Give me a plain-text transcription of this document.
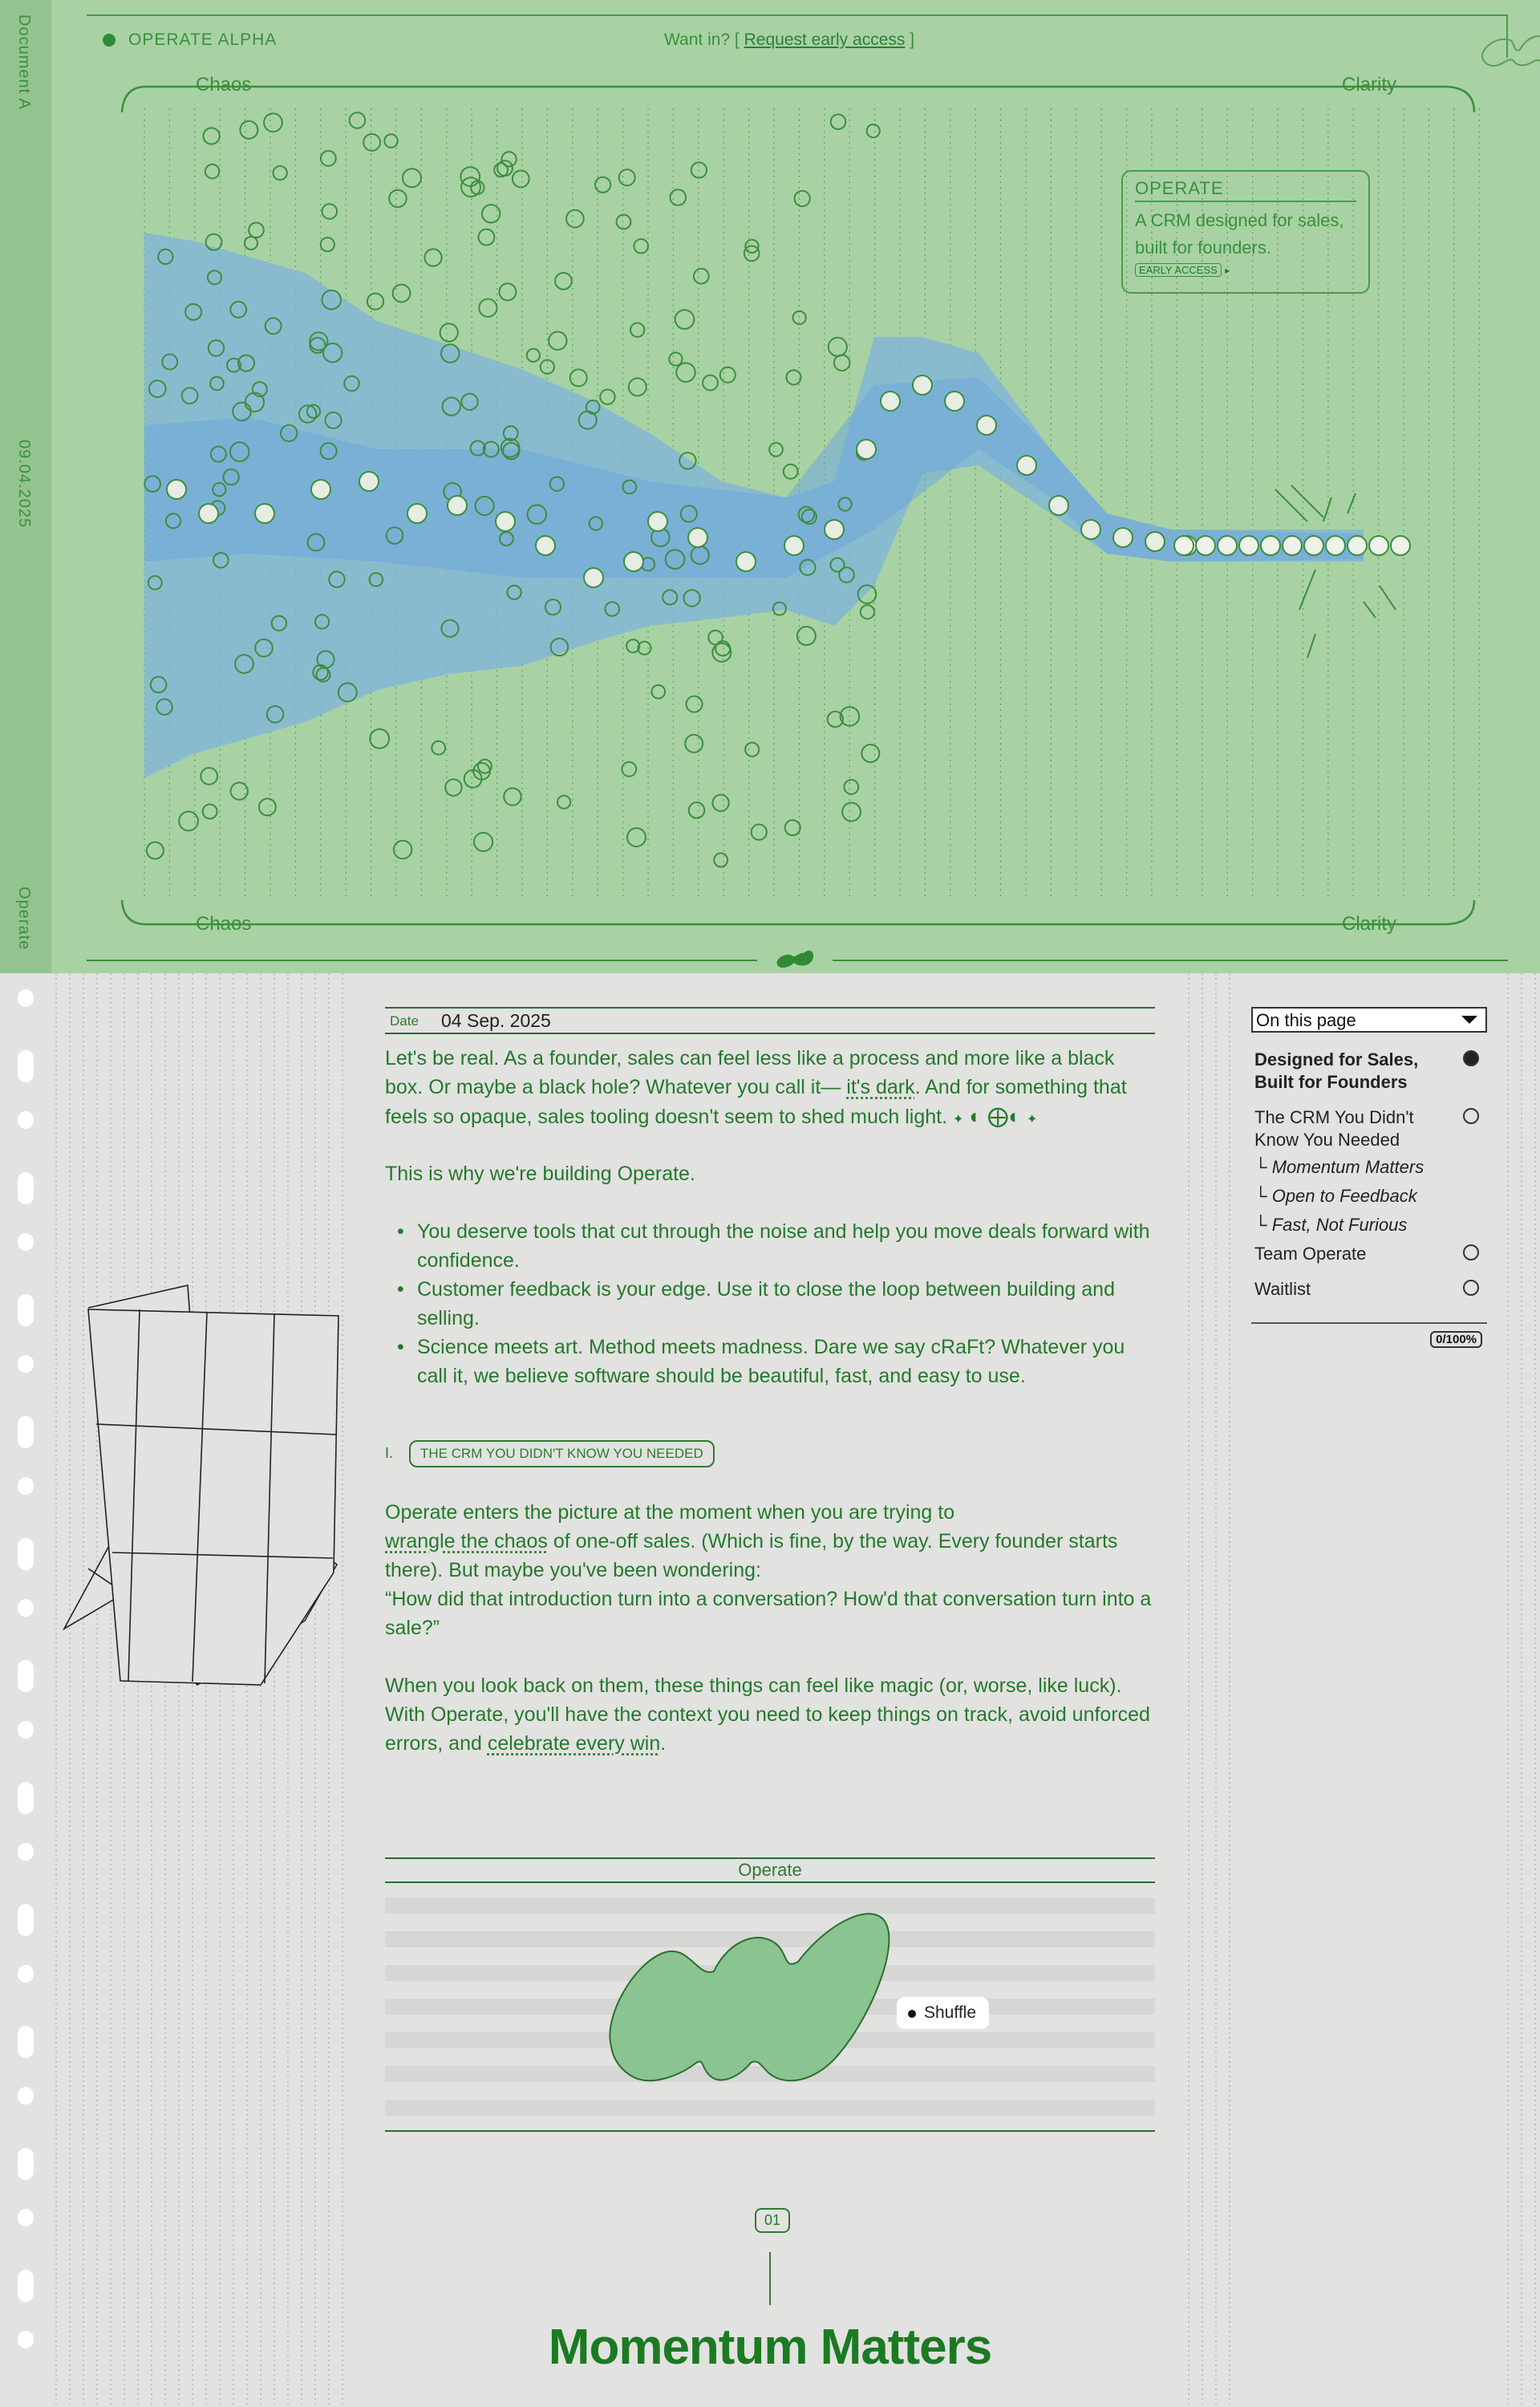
Document A
09.04.2025
Operate
OPERATE ALPHA	Want in? [ Request early access ]
Chaos	Clarity
Chaos	Clarity
OPERATE
A CRM designed for sales,
built for founders.
EARLY ACCESS ▸
Date 04 Sep. 2025

Let's be real. As a founder, sales can feel less like a process and more like a black box. Or maybe a black hole? Whatever you call it— it's dark. And for something that feels so opaque, sales tooling doesn't seem to shed much light. ✦ ◐ ⨁◐ ✦

This is why we're building Operate.

• You deserve tools that cut through the noise and help you move deals forward with confidence.
• Customer feedback is your edge. Use it to close the loop between building and selling.
• Science meets art. Method meets madness. Dare we say cRaFt? Whatever you call it, we believe software should be beautiful, fast, and easy to use.
I.	THE CRM YOU DIDN'T KNOW YOU NEEDED

Operate enters the picture at the moment when you are trying to
wrangle the chaos of one-off sales. (Which is fine, by the way. Every founder starts there). But maybe you've been wondering:

“How did that introduction turn into a conversation? How'd that conversation turn into a sale?”

When you look back on them, these things can feel like magic (or, worse, like luck). With Operate, you'll have the context you need to keep things on track, avoid unforced errors, and celebrate every win.

Operate
Shuffle
01
Momentum Matters
On this page
Designed for Sales, Built for Founders
The CRM You Didn't Know You Needed
└ Momentum Matters
└ Open to Feedback
└ Fast, Not Furious
Team Operate
Waitlist
0/100%
